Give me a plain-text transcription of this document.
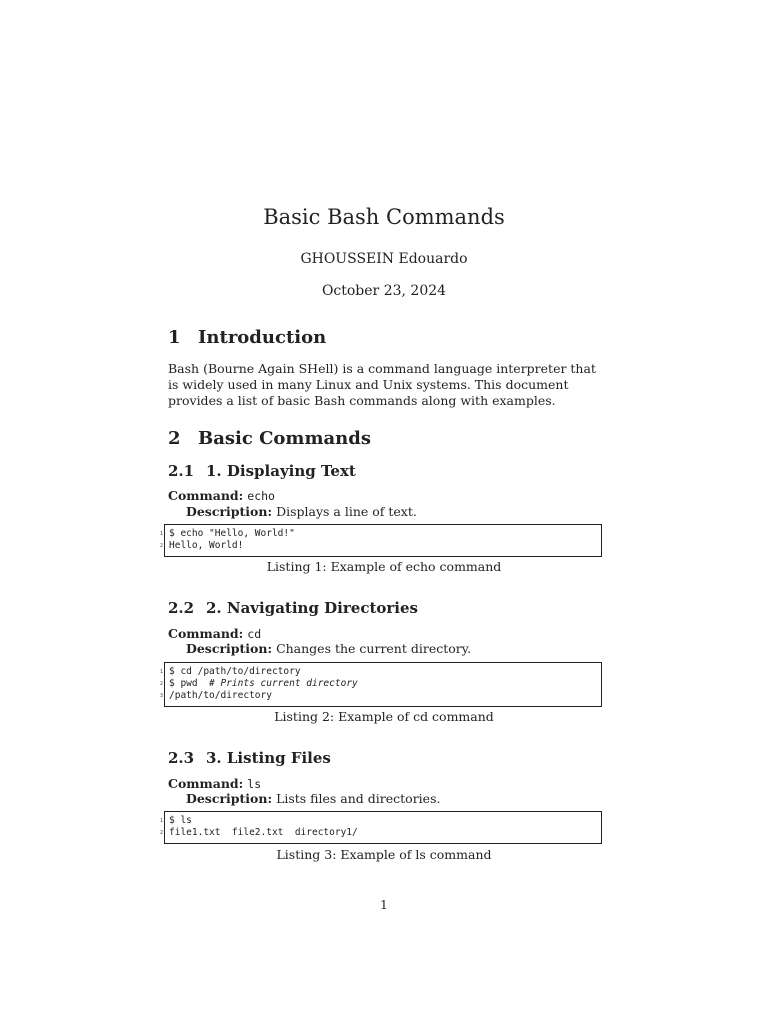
Basic Bash Commands
GHOUSSEIN Edouardo
October 23, 2024
1 Introduction
Bash (Bourne Again SHell) is a command language interpreter that is widely used in many Linux and Unix systems. This document provides a list of basic Bash commands along with examples.
2 Basic Commands
2.1 1. Displaying Text
Command: echo
Description: Displays a line of text.
1 $ echo "Hello, World!"
2 Hello, World!
Listing 1: Example of echo command
2.2 2. Navigating Directories
Command: cd
Description: Changes the current directory.
1 $ cd /path/to/directory
2 $ pwd  # Prints current directory
3 /path/to/directory
Listing 2: Example of cd command
2.3 3. Listing Files
Command: ls
Description: Lists files and directories.
1 $ ls
2 file1.txt  file2.txt  directory1/
Listing 3: Example of ls command
1
